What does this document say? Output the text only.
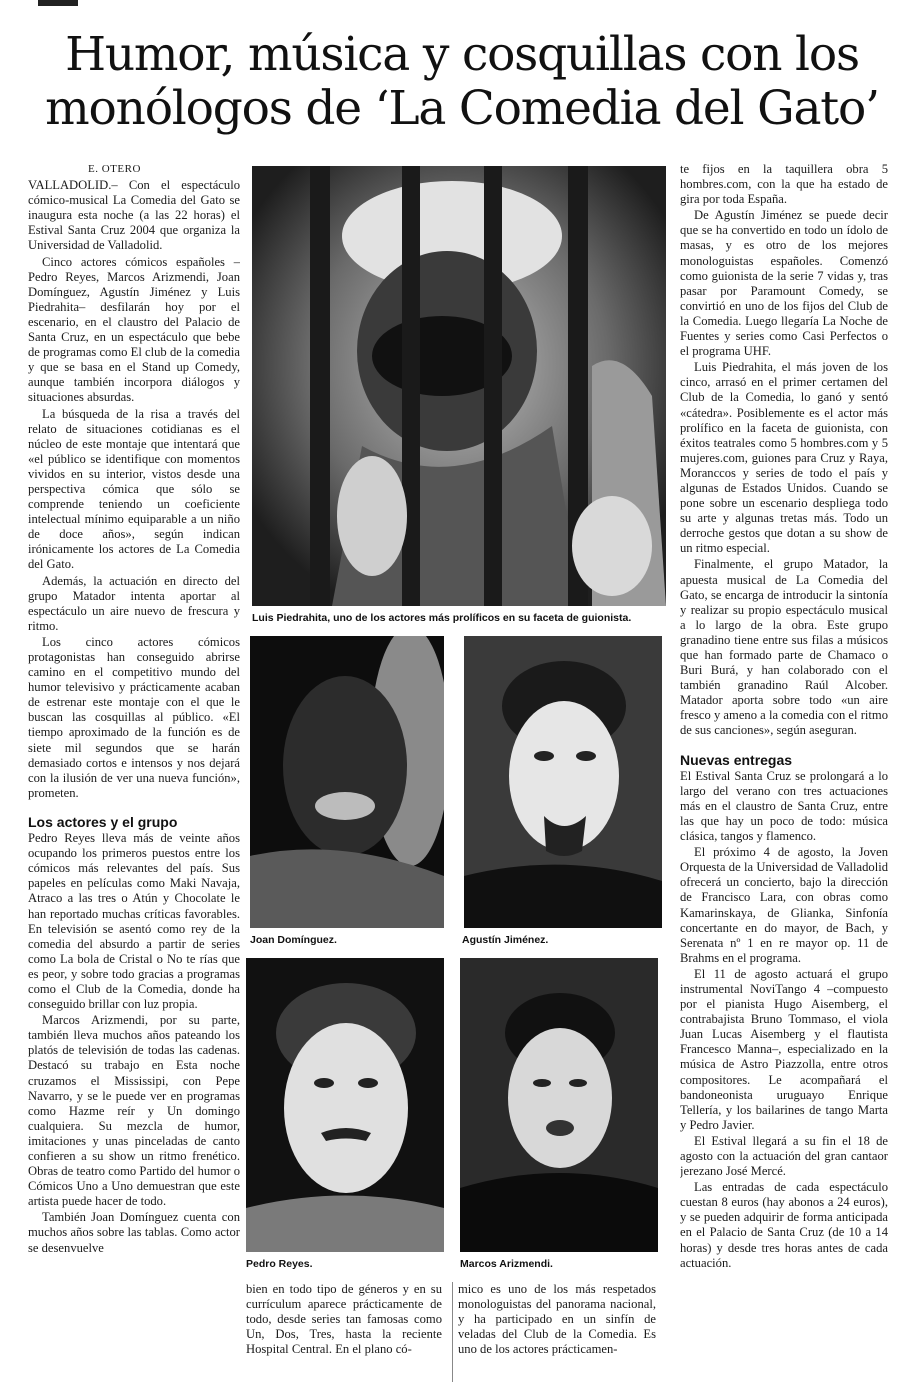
Humor, música y cosquillas con los
monólogos de ‘La Comedia del Gato’

E. OTERO

VALLADOLID.– Con el espectáculo cómico-musical La Comedia del Gato se inaugura esta noche (a las 22 horas) el Estival Santa Cruz 2004 que organiza la Universidad de Valladolid.

Cinco actores cómicos españoles –Pedro Reyes, Marcos Arizmendi, Joan Domínguez, Agustín Jiménez y Luis Piedrahita– desfilarán hoy por el escenario, en el claustro del Palacio de Santa Cruz, en un espectáculo que bebe de programas como El club de la comedia y que se basa en el Stand up Comedy, aunque también incorpora diálogos y situaciones absurdas.

La búsqueda de la risa a través del relato de situaciones cotidianas es el núcleo de este montaje que intentará que «el público se identifique con momentos vividos en su interior, vistos desde una perspectiva cómica que sólo se comprende teniendo un coeficiente intelectual mínimo equiparable a un niño de doce años», según indican irónicamente los actores de La Comedia del Gato.

Además, la actuación en directo del grupo Matador intenta aportar al espectáculo un aire nuevo de frescura y ritmo.

Los cinco actores cómicos protagonistas han conseguido abrirse camino en el competitivo mundo del humor televisivo y prácticamente acaban de estrenar este montaje con el que le buscan las cosquillas al público. «El tiempo aproximado de la función es de siete mil segundos que se harán demasiado cortos e intensos y nos dejará con la ilusión de ver una nueva función», prometen.

Los actores y el grupo

Pedro Reyes lleva más de veinte años ocupando los primeros puestos entre los cómicos más relevantes del país. Sus papeles en películas como Maki Navaja, Atraco a las tres o Atún y Chocolate le han reportado muchas críticas favorables. En televisión se asentó como rey de la comedia del absurdo a partir de series como La bola de Cristal o No te rías que es peor, y sobre todo gracias a programas como el Club de la Comedia, donde ha conseguido brillar con luz propia.

Marcos Arizmendi, por su parte, también lleva muchos años pateando los platós de televisión de todas las cadenas. Destacó su trabajo en Esta noche cruzamos el Mississipi, con Pepe Navarro, y se le puede ver en programas como Hazme reír y Un domingo cualquiera. Su mezcla de humor, imitaciones y unas pinceladas de canto confieren a su show un ritmo frenético. Obras de teatro como Partido del humor o Cómicos Uno a Uno demuestran que este artista puede hacer de todo.

También Joan Domínguez cuenta con muchos años sobre las tablas. Como actor se desenvuelve

Luis Piedrahita, uno de los actores más prolíficos en su faceta de guionista.
Joan Domínguez.	Agustín Jiménez.
Pedro Reyes.	Marcos Arizmendi.

bien en todo tipo de géneros y en su currículum aparece prácticamente de todo, desde series tan famosas como Un, Dos, Tres, hasta la reciente Hospital Central. En el plano có-

mico es uno de los más respetados monologuistas del panorama nacional, y ha participado en un sinfín de veladas del Club de la Comedia. Es uno de los actores prácticamen-

te fijos en la taquillera obra 5 hombres.com, con la que ha estado de gira por toda España.

De Agustín Jiménez se puede decir que se ha convertido en todo un ídolo de masas, y es otro de los mejores monologuistas españoles. Comenzó como guionista de la serie 7 vidas y, tras pasar por Paramount Comedy, se convirtió en uno de los fijos del Club de la Comedia. Luego llegaría La Noche de Fuentes y series como Casi Perfectos o el programa UHF.

Luis Piedrahita, el más joven de los cinco, arrasó en el primer certamen del Club de la Comedia, lo ganó y sentó «cátedra». Posiblemente es el actor más prolífico en la faceta de guionista, con éxitos teatrales como 5 hombres.com y 5 mujeres.com, guiones para Cruz y Raya, Moranccos y series de todo el país y algunas de Estados Unidos. Cuando se pone sobre un escenario despliega todo su arte y algunas tretas más. Todo un derroche gestos que dotan a su show de un ritmo especial.

Finalmente, el grupo Matador, la apuesta musical de La Comedia del Gato, se encarga de introducir la sintonía y realizar su propio espectáculo musical a lo largo de la obra. Este grupo granadino tiene entre sus filas a músicos que han formado parte de Chamaco o Buri Burá, y han colaborado con el también granadino Raúl Alcober. Matador aporta sobre todo «un aire fresco y ameno a la comedia con el ritmo de sus canciones», según aseguran.

Nuevas entregas

El Estival Santa Cruz se prolongará a lo largo del verano con tres actuaciones más en el claustro de Santa Cruz, entre las que hay un poco de todo: música clásica, tangos y flamenco.

El próximo 4 de agosto, la Joven Orquesta de la Universidad de Valladolid ofrecerá un concierto, bajo la dirección de Francisco Lara, con obras como Kamarinskaya, de Glianka, Sinfonía concertante en do mayor, de Bach, y Serenata nº 1 en re mayor op. 11 de Brahms en el programa.

El 11 de agosto actuará el grupo instrumental NoviTango 4 –compuesto por el pianista Hugo Aisemberg, el contrabajista Bruno Tommaso, el viola Juan Lucas Aisemberg y el flautista Francesco Manna–, especializado en la música de Astro Piazzolla, entre otros compositores. Le acompañará el bandoneonista uruguayo Enrique Tellería, y los bailarines de tango Marta y Pedro Javier.

El Estival llegará a su fin el 18 de agosto con la actuación del gran cantaor jerezano José Mercé.

Las entradas de cada espectáculo cuestan 8 euros (hay abonos a 24 euros), y se pueden adquirir de forma anticipada en el Palacio de Santa Cruz (de 10 a 14 horas) y desde tres horas antes de cada actuación.
